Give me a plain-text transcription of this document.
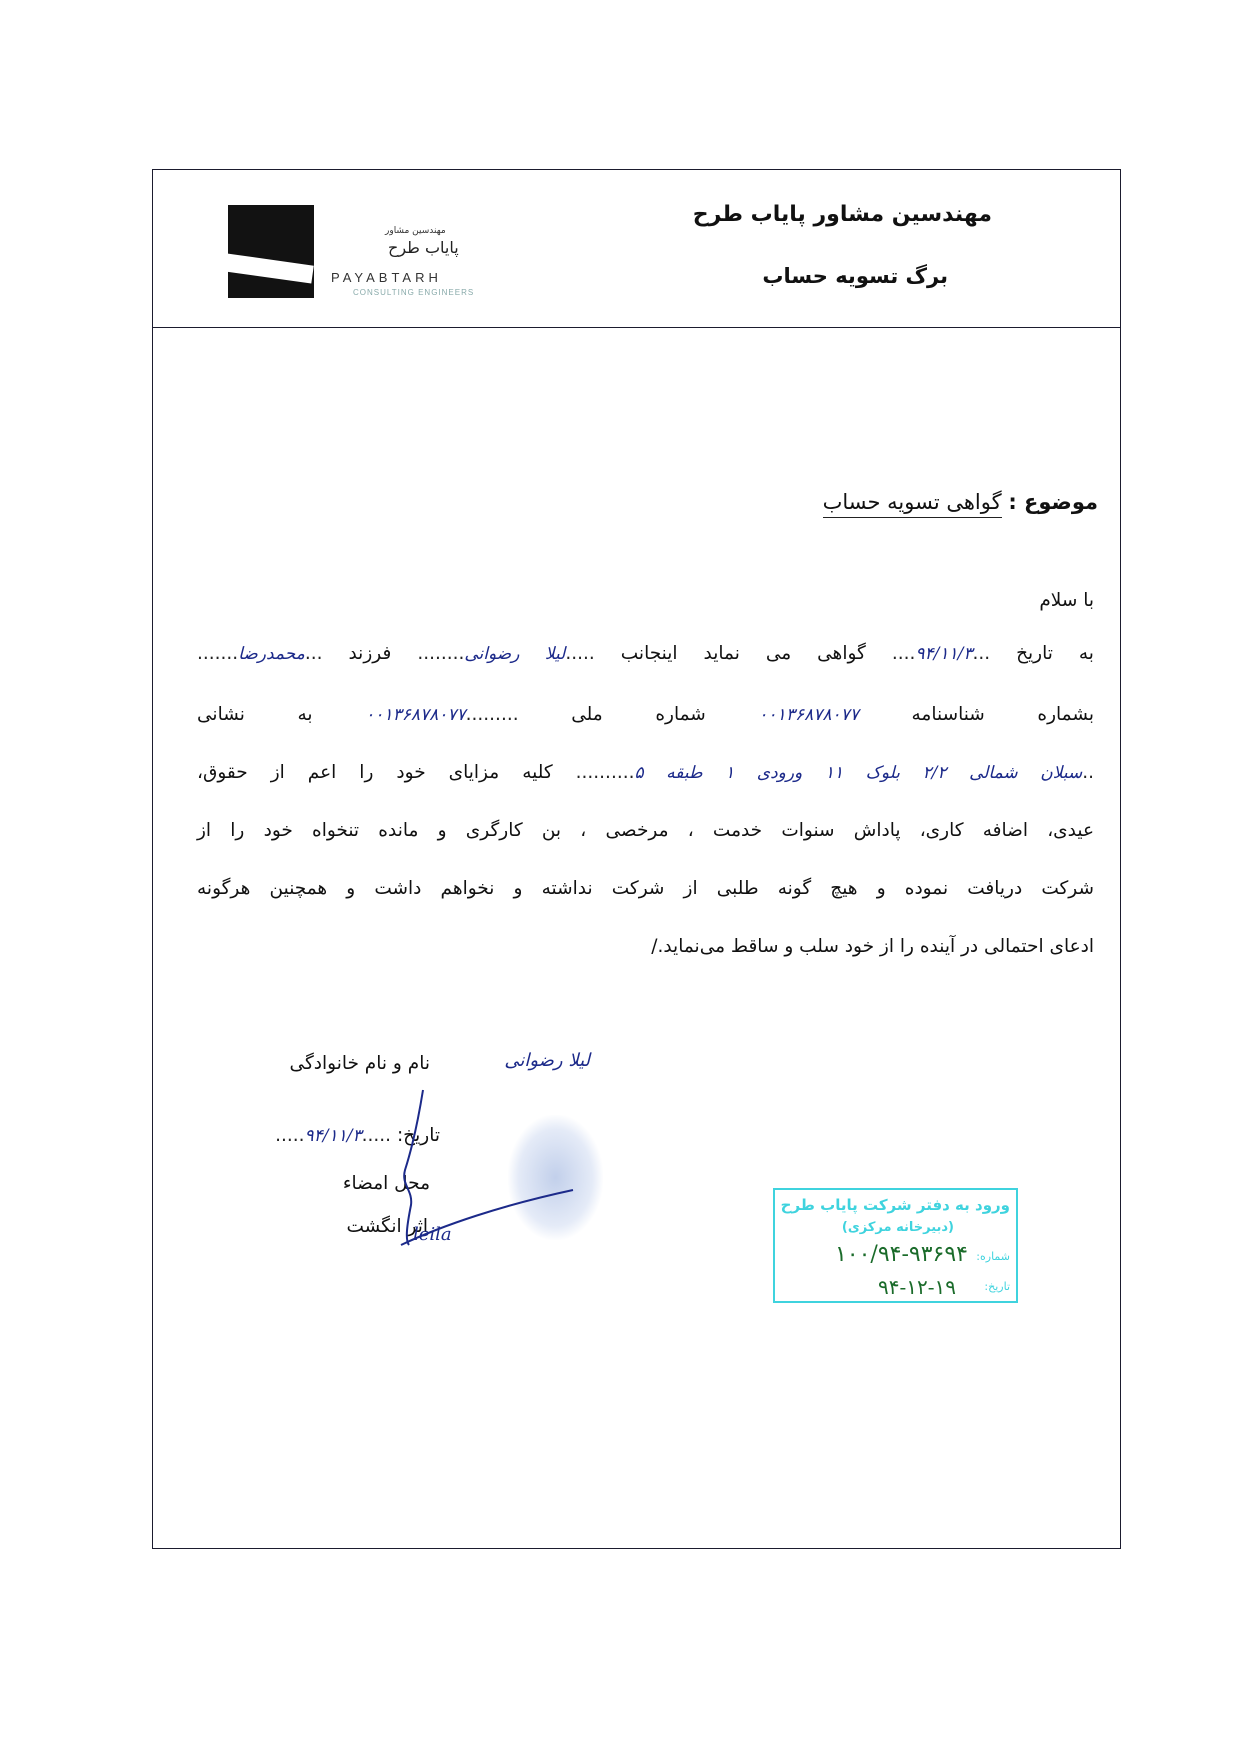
مهندسین مشاور پایاب طرح
برگ تسویه حساب
مهندسین مشاور
پایاب طرح
PAYABTARH
CONSULTING ENGINEERS
موضوع : گواهی تسویه حساب
با سلام
به تاریخ ...۹۴/۱۱/۳.... گواهی می نماید اینجانب .....لیلا رضوانی........ فرزند ...محمدرضا.......
بشماره شناسنامه ۰۰۱۳۶۸۷۸۰۷۷ شماره ملی .........۰۰۱۳۶۸۷۸۰۷۷ به نشانی
..سبلان شمالی ۲/۲ بلوک ۱۱ ورودی ۱ طبقه ۵.......... کلیه مزایای خود را اعم از حقوق،
عیدی، اضافه کاری، پاداش سنوات خدمت ، مرخصی ، بن کارگری و مانده تنخواه خود را از
شرکت دریافت نموده و هیچ گونه طلبی از شرکت نداشته و نخواهم داشت و همچنین هرگونه
ادعای احتمالی در آینده را از خود سلب و ساقط می‌نماید./
نام و نام خانوادگی	لیلا رضوانی
تاریخ: .....۹۴/۱۱/۳.....
محل امضاء
اثر انگشت
leila
ورود به دفتر شرکت پایاب طرح
(دبیرخانه مرکزی)
شماره:
۱۰۰/۹۴-۹۳۶۹۴
تاریخ:
۹۴-۱۲-۱۹
